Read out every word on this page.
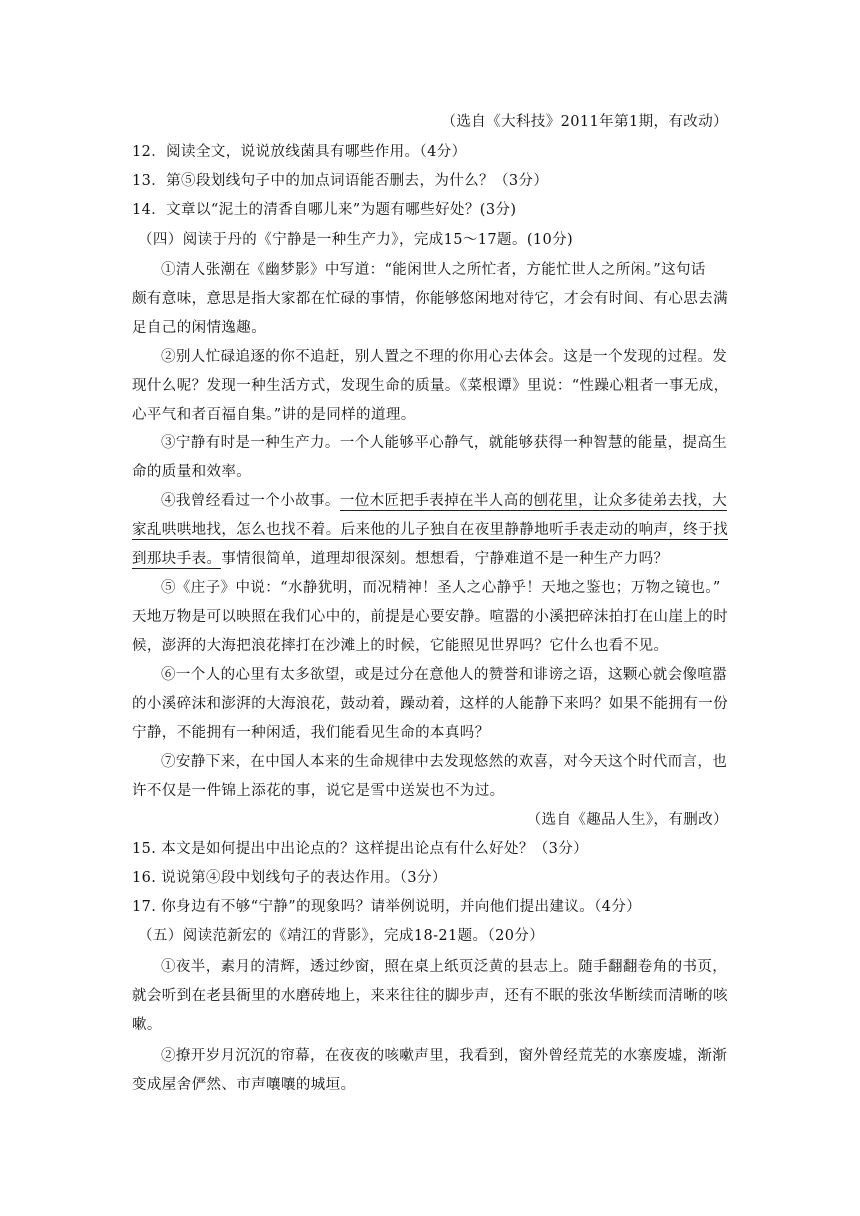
（选自《大科技》2011年第1期，有改动）
12．阅读全文，说说放线菌具有哪些作用。（4分）
13．第⑤段划线句子中的加点词语能否删去，为什么？（3分）
14．文章以“泥土的清香自哪儿来”为题有哪些好处？(3分)
（四）阅读于丹的《宁静是一种生产力》，完成15～17题。(10分)
①清人张潮在《幽梦影》中写道：“能闲世人之所忙者，方能忙世人之所闲。”这句话
颇有意味，意思是指大家都在忙碌的事情，你能够悠闲地对待它，才会有时间、有心思去满
足自己的闲情逸趣。
②别人忙碌追逐的你不追赶，别人置之不理的你用心去体会。这是一个发现的过程。发
现什么呢？发现一种生活方式，发现生命的质量。《菜根谭》里说：“性躁心粗者一事无成，
心平气和者百福自集。”讲的是同样的道理。
③宁静有时是一种生产力。一个人能够平心静气，就能够获得一种智慧的能量，提高生
命的质量和效率。
④我曾经看过一个小故事。一位木匠把手表掉在半人高的刨花里，让众多徒弟去找，大
家乱哄哄地找，怎么也找不着。后来他的儿子独自在夜里静静地听手表走动的响声，终于找
到那块手表。事情很简单，道理却很深刻。想想看，宁静难道不是一种生产力吗？
⑤《庄子》中说：“水静犹明，而况精神！圣人之心静乎！天地之鉴也；万物之镜也。”
天地万物是可以映照在我们心中的，前提是心要安静。喧嚣的小溪把碎沫拍打在山崖上的时
候，澎湃的大海把浪花摔打在沙滩上的时候，它能照见世界吗？它什么也看不见。
⑥一个人的心里有太多欲望，或是过分在意他人的赞誉和诽谤之语，这颗心就会像喧嚣
的小溪碎沫和澎湃的大海浪花，鼓动着，躁动着，这样的人能静下来吗？如果不能拥有一份
宁静，不能拥有一种闲适，我们能看见生命的本真吗？
⑦安静下来，在中国人本来的生命规律中去发现悠然的欢喜，对今天这个时代而言，也
许不仅是一件锦上添花的事，说它是雪中送炭也不为过。
（选自《趣品人生》，有删改）
15. 本文是如何提出中出论点的？这样提出论点有什么好处？（3分）
16. 说说第④段中划线句子的表达作用。（3分）
17. 你身边有不够“宁静”的现象吗？请举例说明，并向他们提出建议。（4分）
（五）阅读范新宏的《靖江的背影》，完成18-21题。（20分）
①夜半，素月的清辉，透过纱窗，照在桌上纸页泛黄的县志上。随手翻翻卷角的书页，
就会听到在老县衙里的水磨砖地上，来来往往的脚步声，还有不眠的张汝华断续而清晰的咳
嗽。
②撩开岁月沉沉的帘幕，在夜夜的咳嗽声里，我看到，窗外曾经荒芜的水寨废墟，渐渐
变成屋舍俨然、市声嚷嚷的城垣。
